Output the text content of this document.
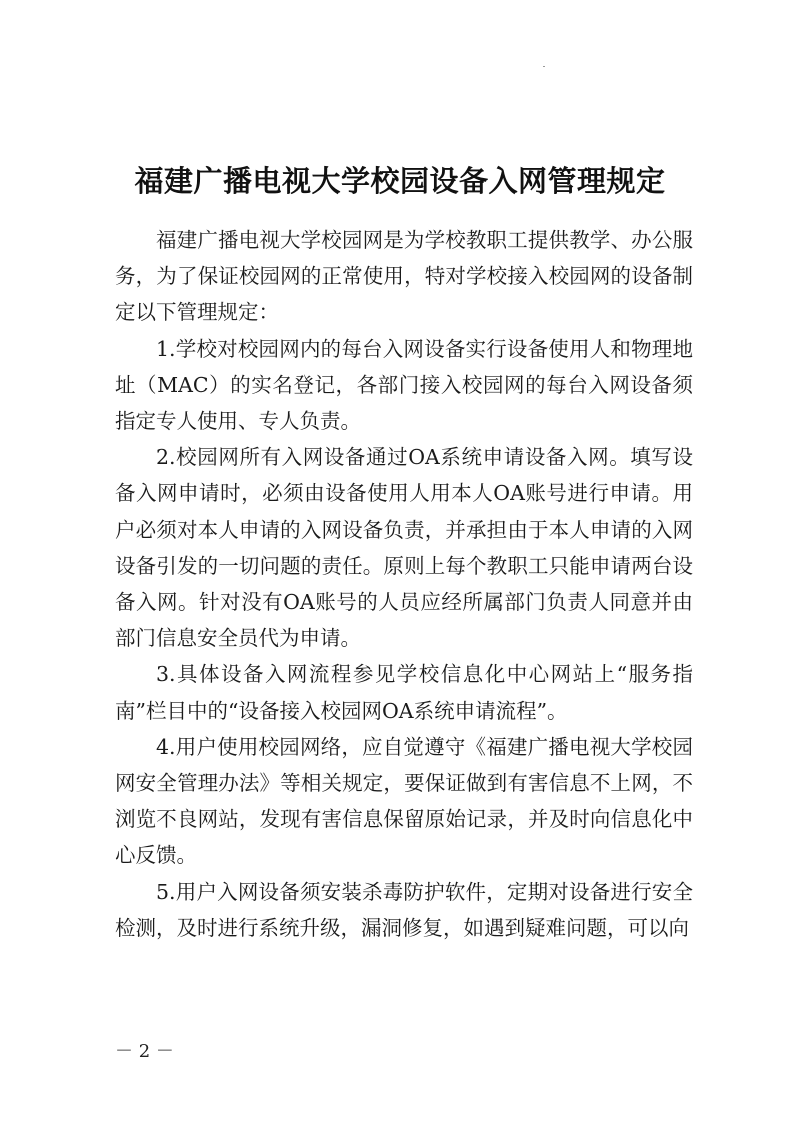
福建广播电视大学校园设备入网管理规定

福建广播电视大学校园网是为学校教职工提供教学、办公服务，为了保证校园网的正常使用，特对学校接入校园网的设备制定以下管理规定：

1.学校对校园网内的每台入网设备实行设备使用人和物理地址（MAC）的实名登记，各部门接入校园网的每台入网设备须指定专人使用、专人负责。

2.校园网所有入网设备通过OA系统申请设备入网。填写设备入网申请时，必须由设备使用人用本人OA账号进行申请。用户必须对本人申请的入网设备负责，并承担由于本人申请的入网设备引发的一切问题的责任。原则上每个教职工只能申请两台设备入网。针对没有OA账号的人员应经所属部门负责人同意并由部门信息安全员代为申请。

3.具体设备入网流程参见学校信息化中心网站上“服务指南”栏目中的“设备接入校园网OA系统申请流程”。

4.用户使用校园网络，应自觉遵守《福建广播电视大学校园网安全管理办法》等相关规定，要保证做到有害信息不上网，不浏览不良网站，发现有害信息保留原始记录，并及时向信息化中心反馈。

5.用户入网设备须安装杀毒防护软件，定期对设备进行安全检测，及时进行系统升级，漏洞修复，如遇到疑难问题，可以向

－ 2 －
